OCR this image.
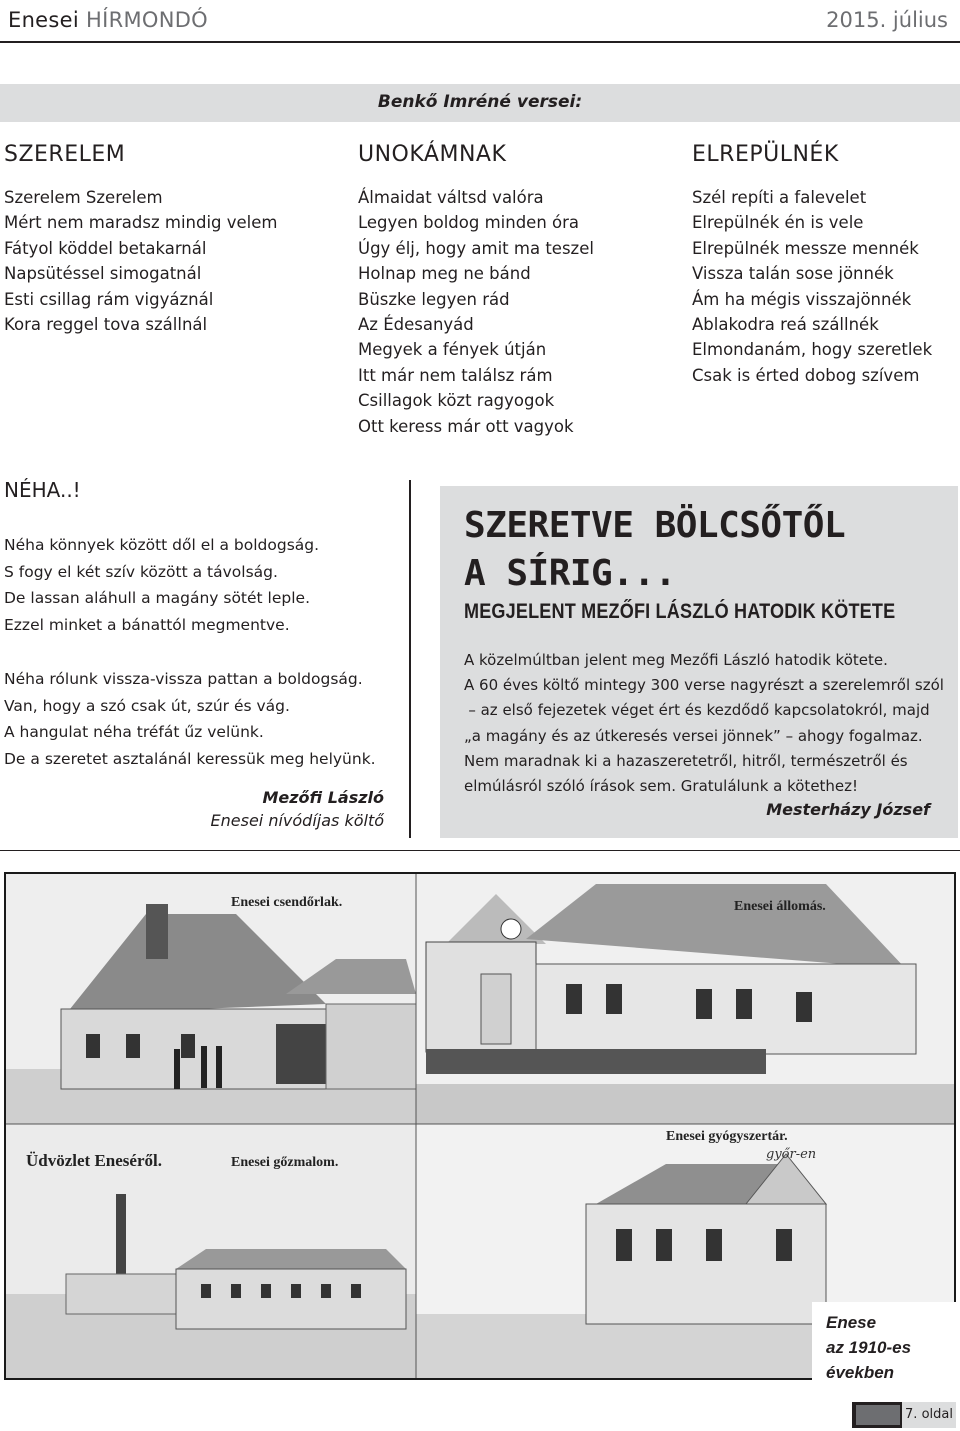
Enesei HÍRMONDÓ	2015. július
Benkő Imréné versei:
SZERELEM
Szerelem Szerelem
Mért nem maradsz mindig velem
Fátyol köddel betakarnál
Napsütéssel simogatnál
Esti csillag rám vigyáznál
Kora reggel tova szállnál
UNOKÁMNAK
Álmaidat váltsd valóra
Legyen boldog minden óra
Úgy élj, hogy amit ma teszel
Holnap meg ne bánd
Büszke legyen rád
Az Édesanyád
Megyek a fények útján
Itt már nem találsz rám
Csillagok közt ragyogok
Ott keress már ott vagyok
ELREPÜLNÉK
Szél repíti a falevelet
Elrepülnék én is vele
Elrepülnék messze mennék
Vissza talán sose jönnék
Ám ha mégis visszajönnék
Ablakodra reá szállnék
Elmondanám, hogy szeretlek
Csak is érted dobog szívem
NÉHA..!
Néha könnyek között dől el a boldogság.
S fogy el két szív között a távolság.
De lassan aláhull a magány sötét leple.
Ezzel minket a bánattól megmentve.
Néha rólunk vissza-vissza pattan a boldogság.
Van, hogy a szó csak út, szúr és vág.
A hangulat néha tréfát űz velünk.
De a szeretet asztalánál keressük meg helyünk.
Mezőfi László
Enesei nívódíjas költő
SZERETVE BÖLCSŐTŐL
A SÍRIG...
MEGJELENT MEZŐFI LÁSZLÓ HATODIK KÖTETE
A közelmúltban jelent meg Mezőfi László hatodik kötete.
A 60 éves költő mintegy 300 verse nagyrészt a szerelemről szól
– az első fejezetek véget ért és kezdődő kapcsolatokról, majd
„a magány és az útkeresés versei jönnek” – ahogy fogalmaz.
Nem maradnak ki a hazaszeretetről, hitről, természetről és
elmúlásról szóló írások sem. Gratulálunk a kötethez!
Mesterházy József
Enesei csendőrlak.	Enesei állomás.
Üdvözlet Eneséről.	Enesei gőzmalom.
Enesei gyógyszertár.
győr-en
Enese
az 1910-es
években
7. oldal
